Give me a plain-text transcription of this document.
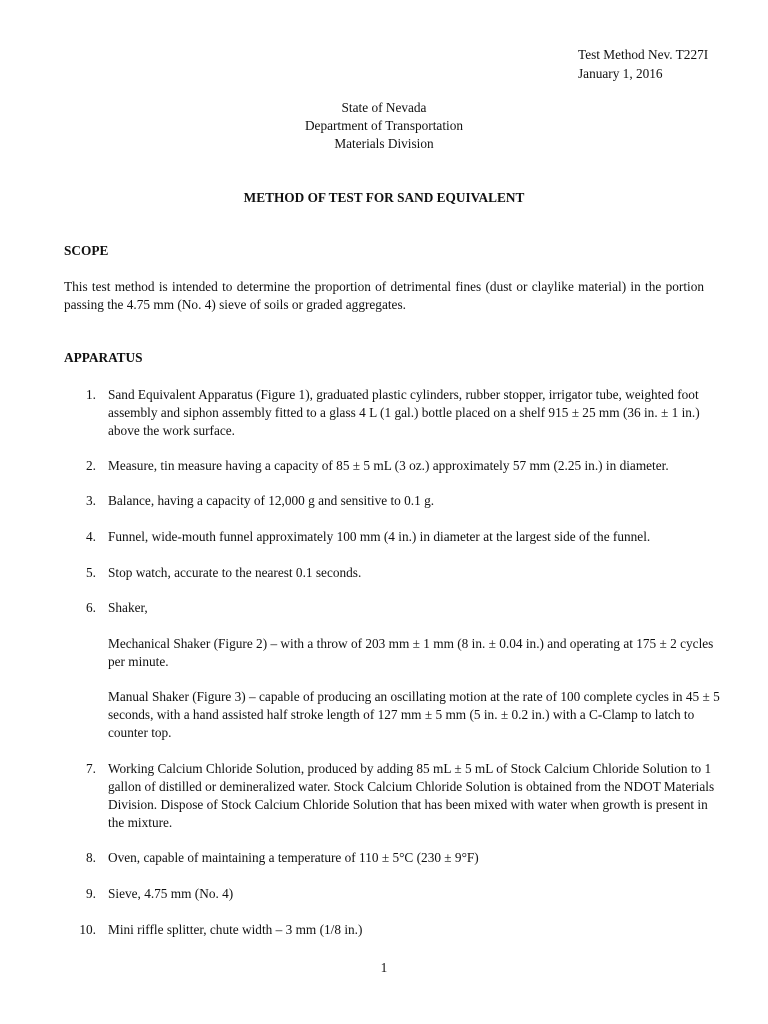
Test Method Nev. T227I
January 1, 2016
State of Nevada
Department of Transportation
Materials Division
METHOD OF TEST FOR SAND EQUIVALENT
SCOPE
This test method is intended to determine the proportion of detrimental fines (dust or claylike material) in the portion passing the 4.75 mm (No. 4) sieve of soils or graded aggregates.
APPARATUS
1. Sand Equivalent Apparatus (Figure 1), graduated plastic cylinders, rubber stopper, irrigator tube, weighted foot assembly and siphon assembly fitted to a glass 4 L (1 gal.) bottle placed on a shelf 915 ± 25 mm (36 in. ± 1 in.) above the work surface.
2. Measure, tin measure having a capacity of 85 ± 5 mL (3 oz.) approximately 57 mm (2.25 in.) in diameter.
3. Balance, having a capacity of 12,000 g and sensitive to 0.1 g.
4. Funnel, wide-mouth funnel approximately 100 mm (4 in.) in diameter at the largest side of the funnel.
5. Stop watch, accurate to the nearest 0.1 seconds.
6. Shaker,
Mechanical Shaker (Figure 2) – with a throw of 203 mm ± 1 mm (8 in. ± 0.04 in.) and operating at 175 ± 2 cycles per minute.
Manual Shaker (Figure 3) – capable of producing an oscillating motion at the rate of 100 complete cycles in 45 ± 5 seconds, with a hand assisted half stroke length of 127 mm ± 5 mm (5 in. ± 0.2 in.) with a C-Clamp to latch to counter top.
7. Working Calcium Chloride Solution, produced by adding 85 mL ± 5 mL of Stock Calcium Chloride Solution to 1 gallon of distilled or demineralized water. Stock Calcium Chloride Solution is obtained from the NDOT Materials Division. Dispose of Stock Calcium Chloride Solution that has been mixed with water when growth is present in the mixture.
8. Oven, capable of maintaining a temperature of 110 ± 5°C (230 ± 9°F)
9. Sieve, 4.75 mm (No. 4)
10. Mini riffle splitter, chute width – 3 mm (1/8 in.)
1
